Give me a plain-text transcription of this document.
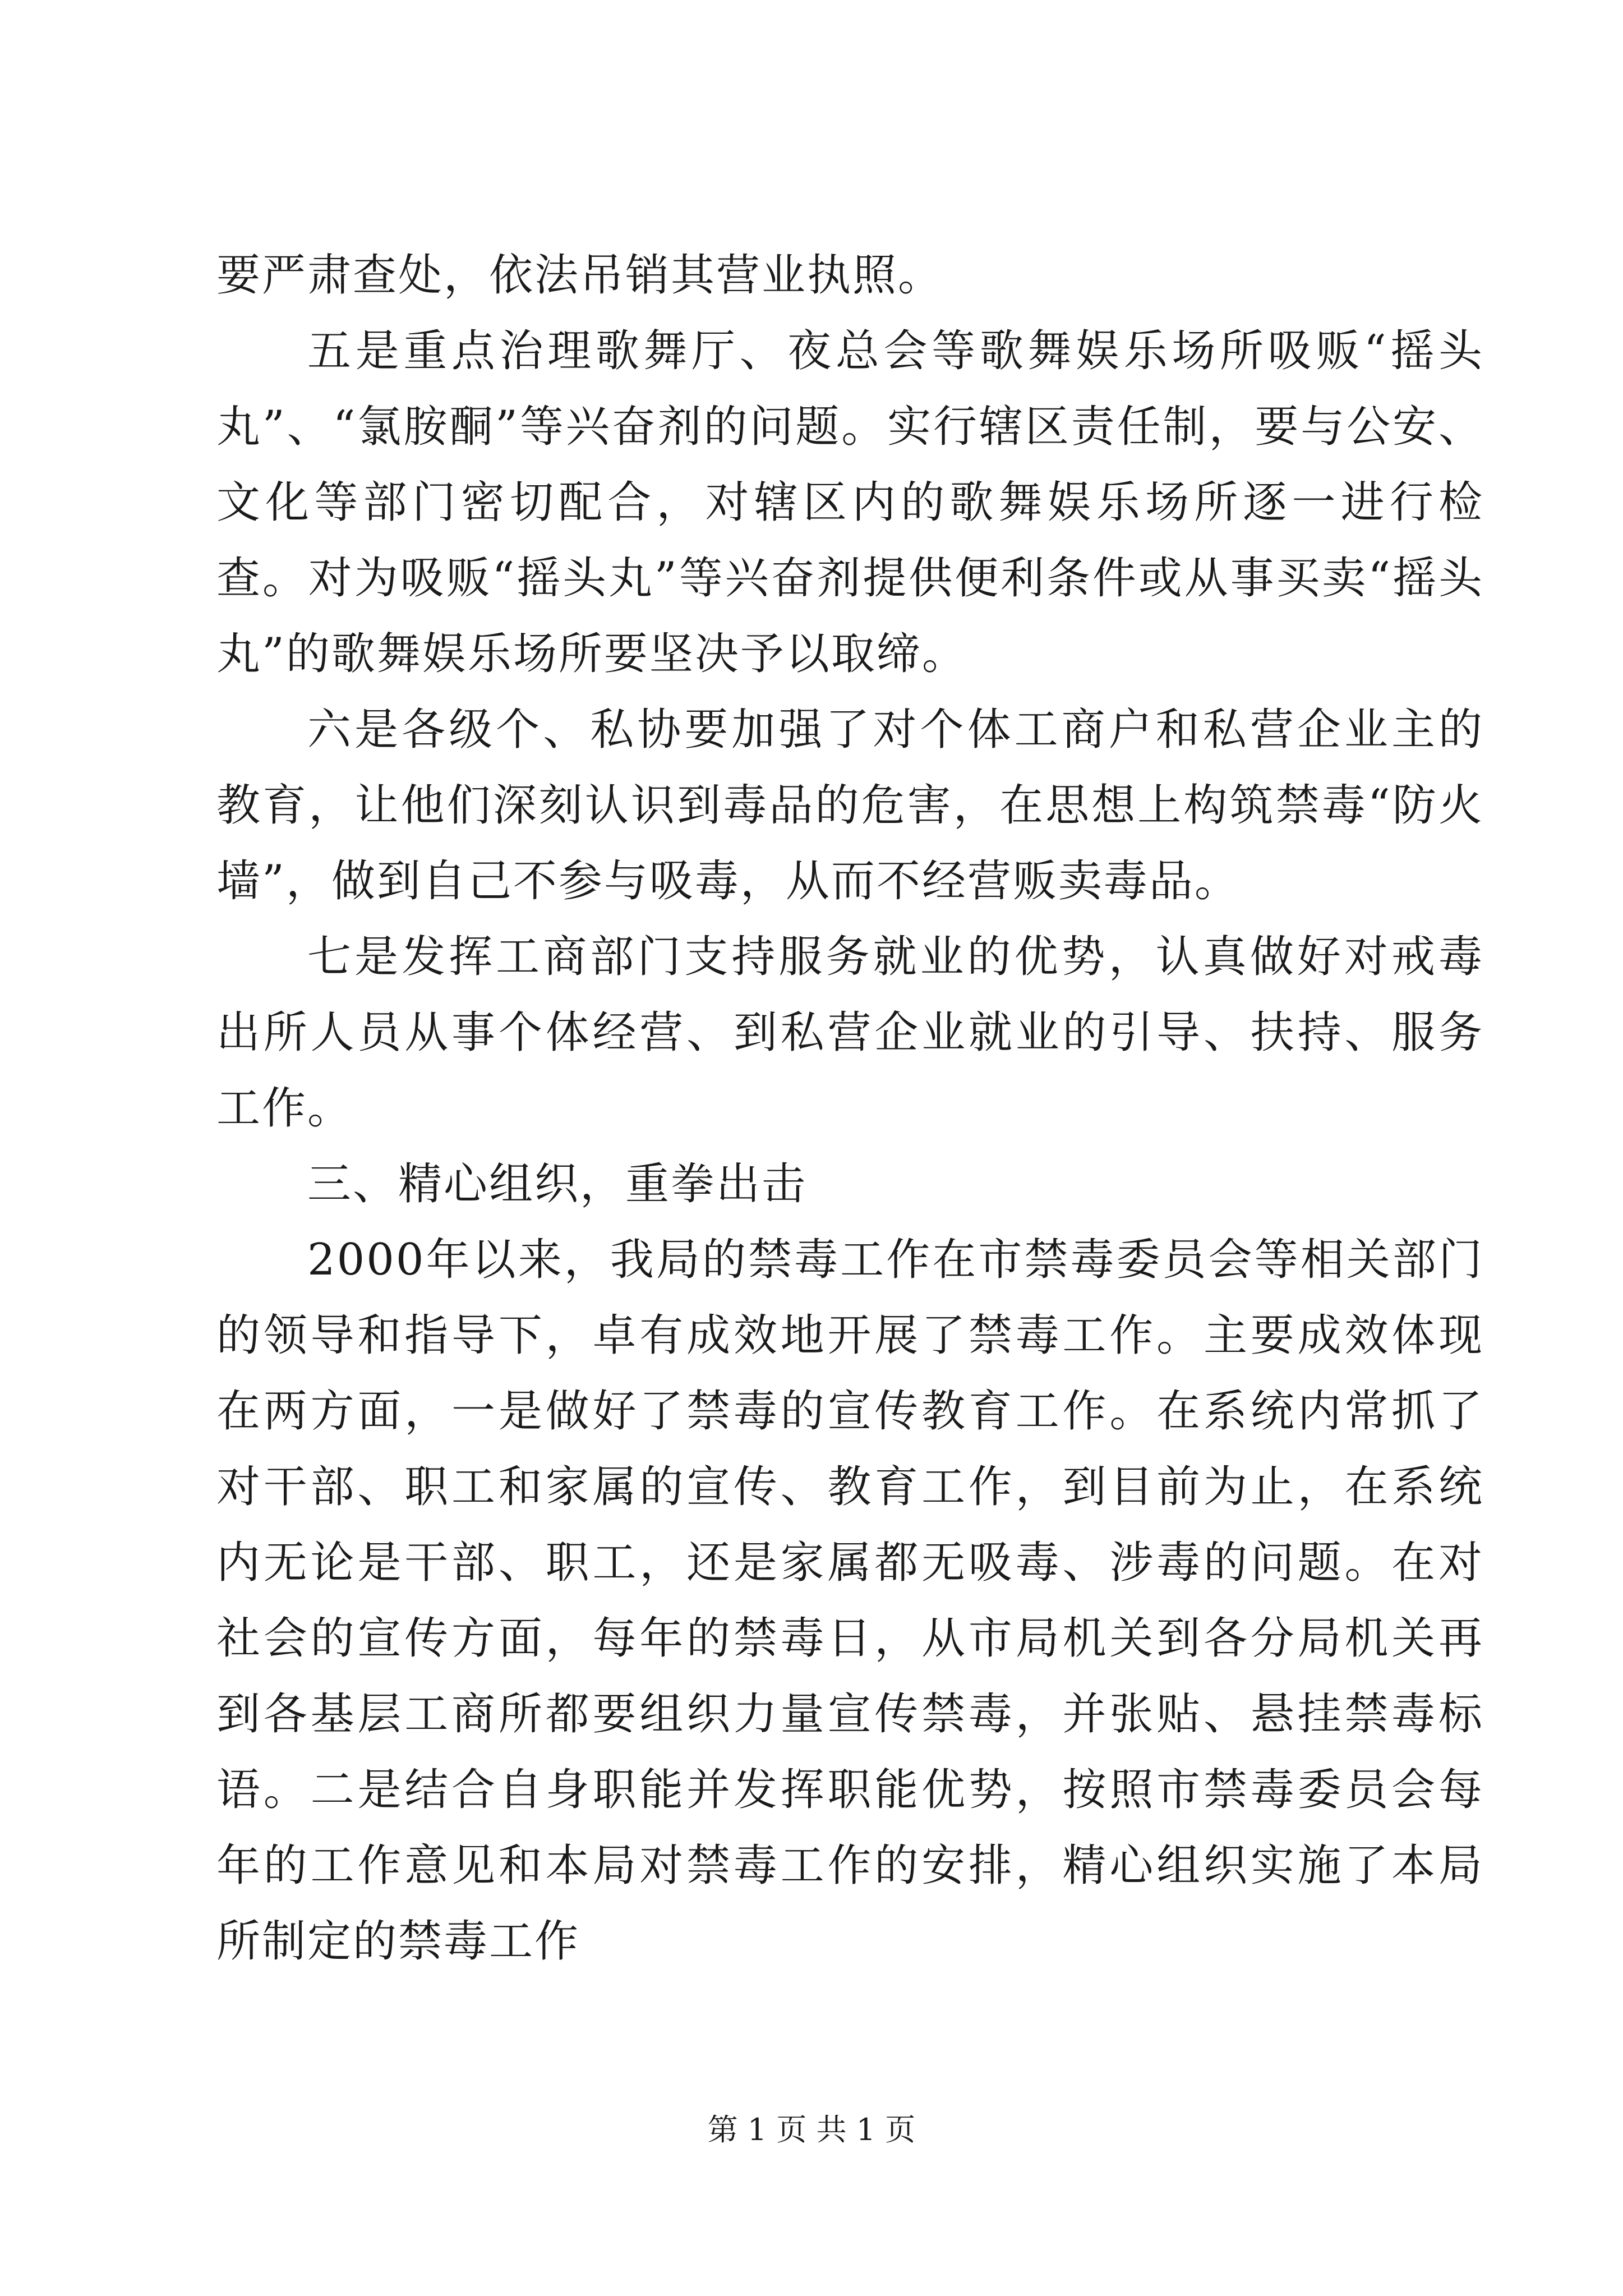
要严肃查处，依法吊销其营业执照。

五是重点治理歌舞厅、夜总会等歌舞娱乐场所吸贩“摇头丸”、“氯胺酮”等兴奋剂的问题。实行辖区责任制，要与公安、文化等部门密切配合，对辖区内的歌舞娱乐场所逐一进行检查。对为吸贩“摇头丸”等兴奋剂提供便利条件或从事买卖“摇头丸”的歌舞娱乐场所要坚决予以取缔。

六是各级个、私协要加强了对个体工商户和私营企业主的教育，让他们深刻认识到毒品的危害，在思想上构筑禁毒“防火墙”，做到自己不参与吸毒，从而不经营贩卖毒品。

七是发挥工商部门支持服务就业的优势，认真做好对戒毒出所人员从事个体经营、到私营企业就业的引导、扶持、服务工作。

三、精心组织，重拳出击

2000年以来，我局的禁毒工作在市禁毒委员会等相关部门的领导和指导下，卓有成效地开展了禁毒工作。主要成效体现在两方面，一是做好了禁毒的宣传教育工作。在系统内常抓了对干部、职工和家属的宣传、教育工作，到目前为止，在系统内无论是干部、职工，还是家属都无吸毒、涉毒的问题。在对社会的宣传方面，每年的禁毒日，从市局机关到各分局机关再到各基层工商所都要组织力量宣传禁毒，并张贴、悬挂禁毒标语。二是结合自身职能并发挥职能优势，按照市禁毒委员会每年的工作意见和本局对禁毒工作的安排，精心组织实施了本局所制定的禁毒工作

第 1 页 共 1 页
